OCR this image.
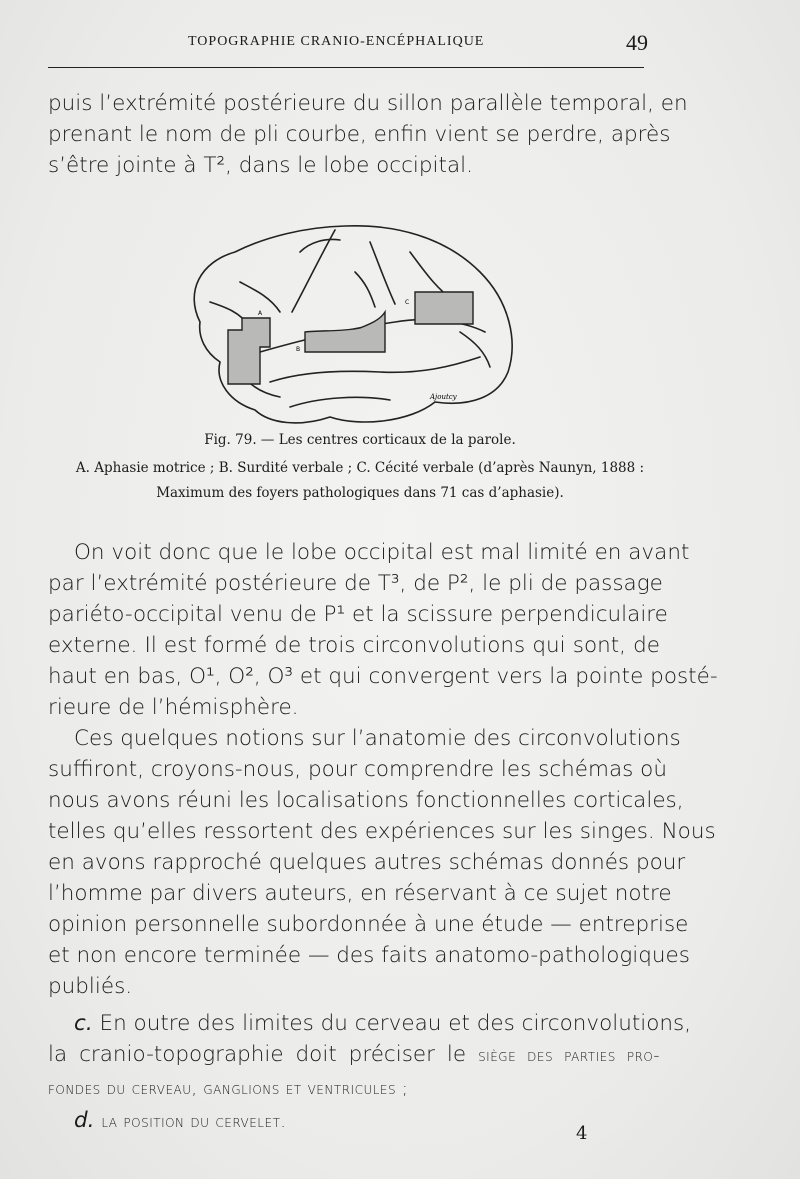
TOPOGRAPHIE CRANIO-ENCÉPHALIQUE	49

puis l’extrémité postérieure du sillon parallèle temporal, en
prenant le nom de pli courbe, enfin vient se perdre, après
s’être jointe à T², dans le lobe occipital.

A
B
C
Ajoutcy
Fig. 79. — Les centres corticaux de la parole.
A. Aphasie motrice ; B. Surdité verbale ; C. Cécité verbale (d’après Naunyn, 1888 :
Maximum des foyers pathologiques dans 71 cas d’aphasie).

On voit donc que le lobe occipital est mal limité en avant
par l’extrémité postérieure de T³, de P², le pli de passage
pariéto-occipital venu de P¹ et la scissure perpendiculaire
externe. Il est formé de trois circonvolutions qui sont, de
haut en bas, O¹, O², O³ et qui convergent vers la pointe posté-
rieure de l’hémisphère.

Ces quelques notions sur l’anatomie des circonvolutions
suffiront, croyons-nous, pour comprendre les schémas où
nous avons réuni les localisations fonctionnelles corticales,
telles qu’elles ressortent des expériences sur les singes. Nous
en avons rapproché quelques autres schémas donnés pour
l’homme par divers auteurs, en réservant à ce sujet notre
opinion personnelle subordonnée à une étude — entreprise
et non encore terminée — des faits anatomo-pathologiques
publiés.

c. En outre des limites du cerveau et des circonvolutions,
la cranio-topographie doit préciser le siège des parties pro-
fondes du cerveau, ganglions et ventricules ;
d. la position du cervelet.

4
